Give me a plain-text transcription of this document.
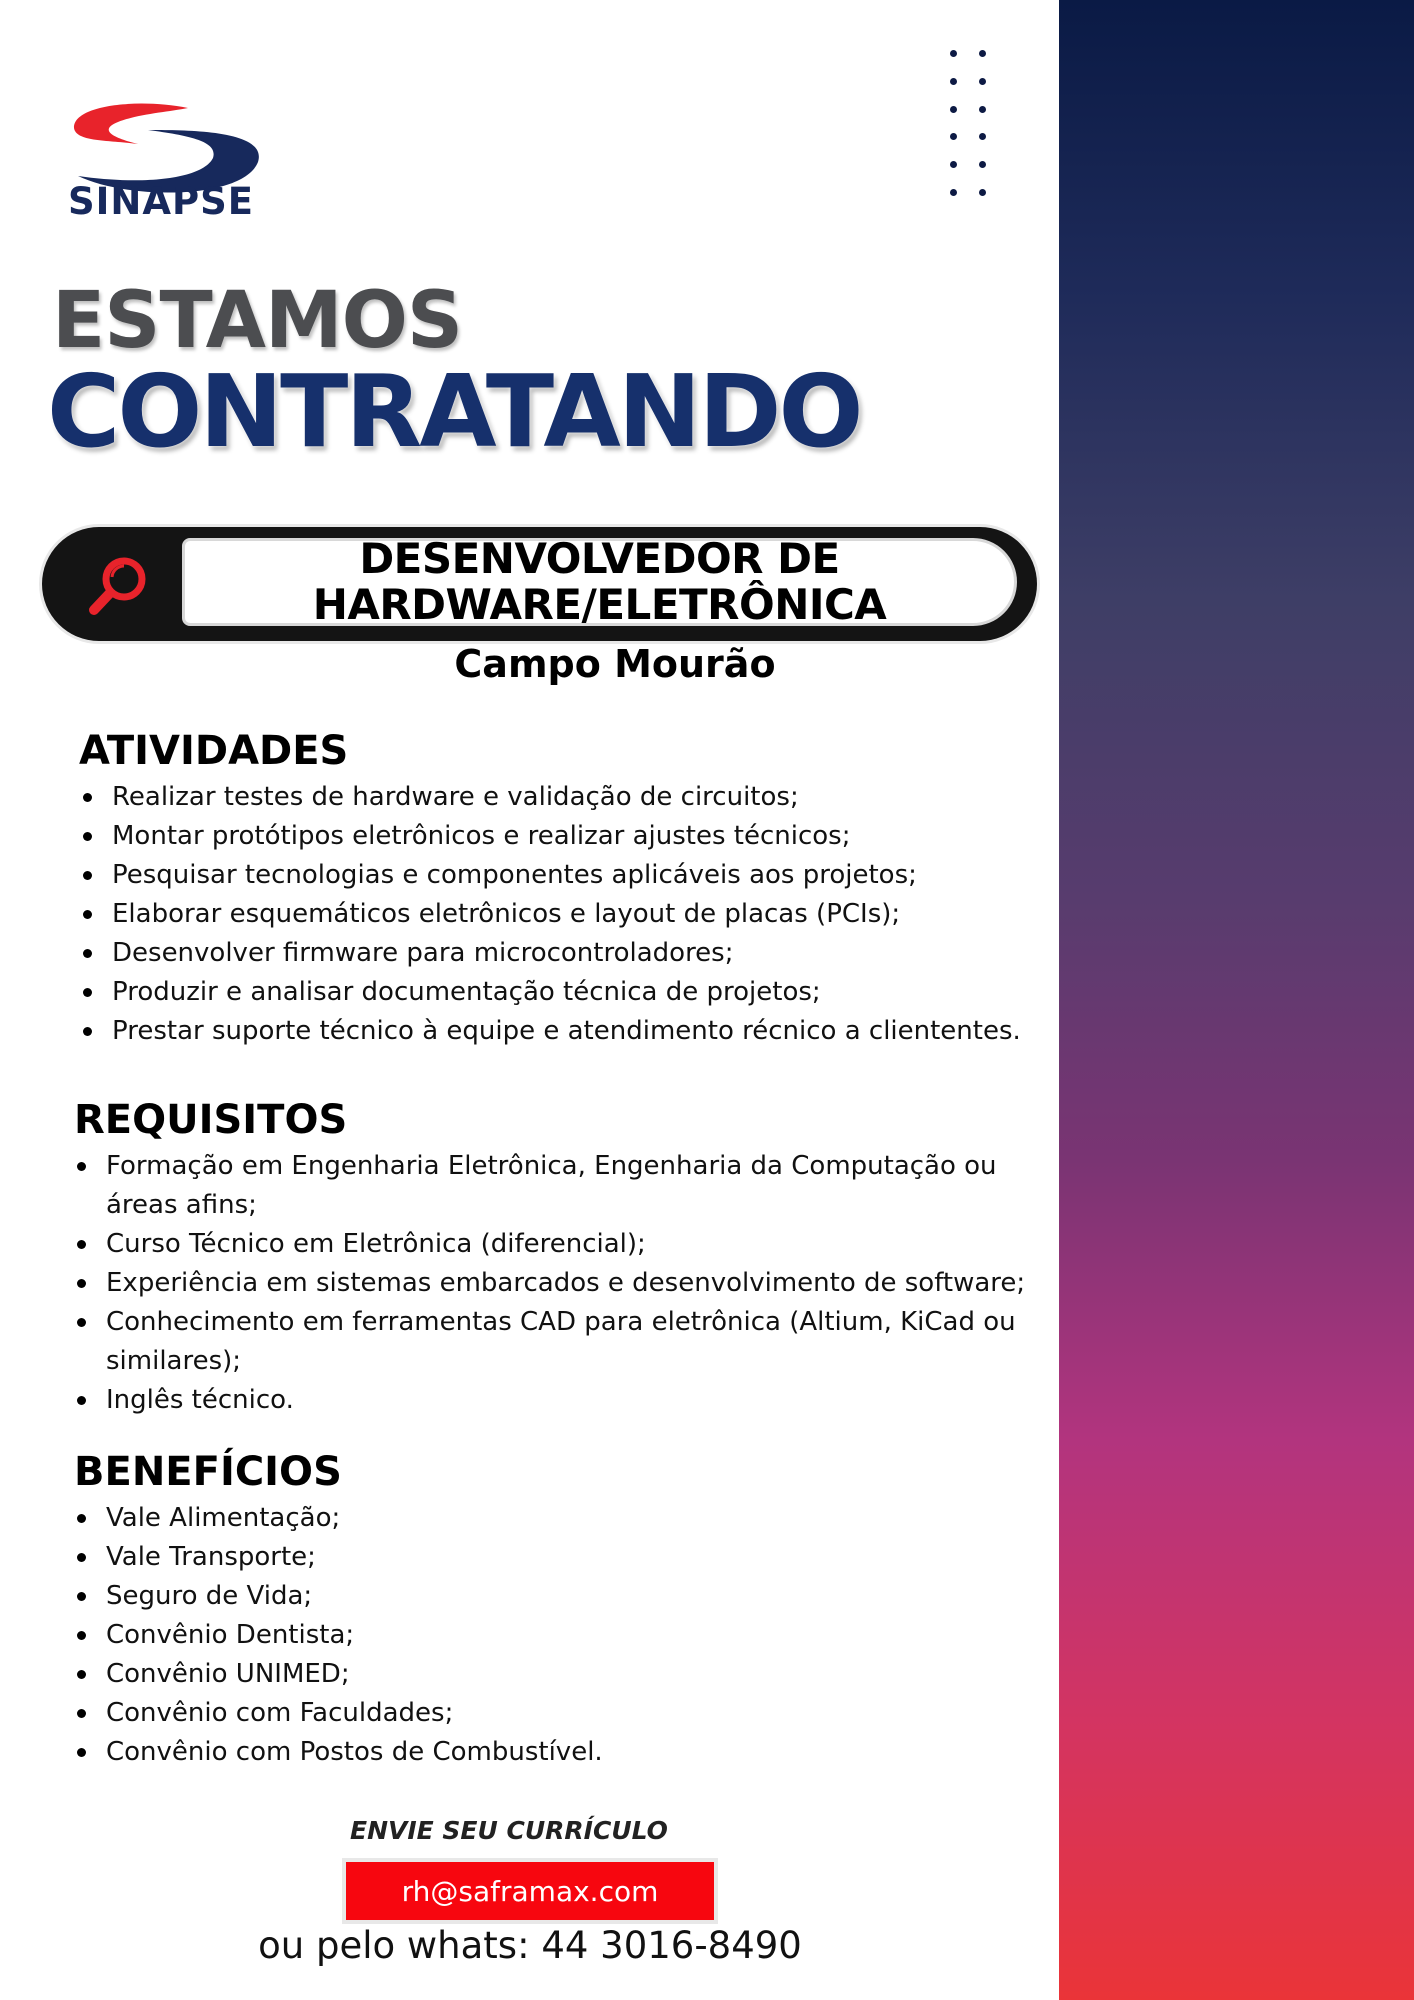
SINAPSE
ESTAMOS
CONTRATANDO
DESENVOLVEDOR DE
HARDWARE/ELETRÔNICA
Campo Mourão
ATIVIDADES
Realizar testes de hardware e validação de circuitos;
Montar protótipos eletrônicos e realizar ajustes técnicos;
Pesquisar tecnologias e componentes aplicáveis aos projetos;
Elaborar esquemáticos eletrônicos e layout de placas (PCIs);
Desenvolver firmware para microcontroladores;
Produzir e analisar documentação técnica de projetos;
Prestar suporte técnico à equipe e atendimento récnico a cliententes.
REQUISITOS
Formação em Engenharia Eletrônica, Engenharia da Computação ou áreas afins;
Curso Técnico em Eletrônica (diferencial);
Experiência em sistemas embarcados e desenvolvimento de software;
Conhecimento em ferramentas CAD para eletrônica (Altium, KiCad ou similares);
Inglês técnico.
BENEFÍCIOS
Vale Alimentação;
Vale Transporte;
Seguro de Vida;
Convênio Dentista;
Convênio UNIMED;
Convênio com Faculdades;
Convênio com Postos de Combustível.
ENVIE SEU CURRÍCULO
rh@saframax.com
ou pelo whats: 44 3016-8490
